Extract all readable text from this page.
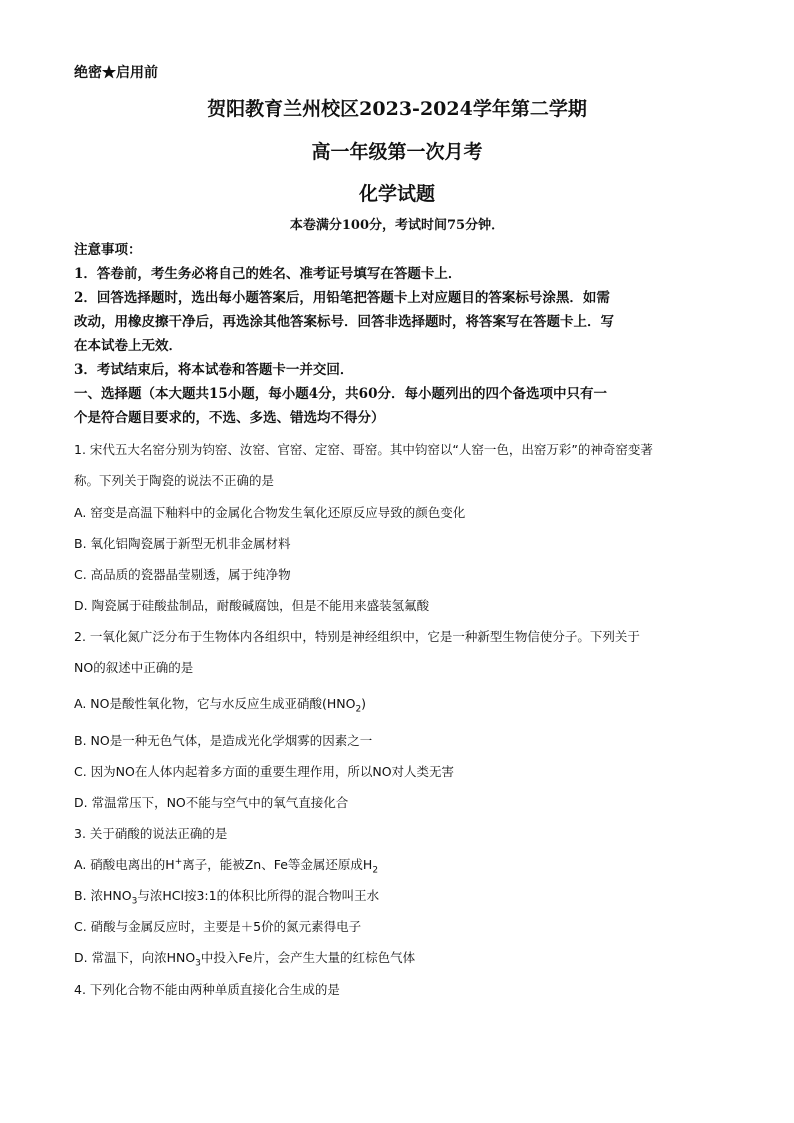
绝密★启用前
贺阳教育兰州校区2023-2024学年第二学期
高一年级第一次月考
化学试题
本卷满分100分，考试时间75分钟．

注意事项：

1．答卷前，考生务必将自己的姓名、准考证号填写在答题卡上．

2．回答选择题时，选出每小题答案后，用铅笔把答题卡上对应题目的答案标号涂黑．如需

改动，用橡皮擦干净后，再选涂其他答案标号．回答非选择题时，将答案写在答题卡上．写

在本试卷上无效．

3．考试结束后，将本试卷和答题卡一并交回．

一、选择题（本大题共15小题，每小题4分，共60分．每小题列出的四个备选项中只有一

个是符合题目要求的，不选、多选、错选均不得分）

1. 宋代五大名窑分别为钧窑、汝窑、官窑、定窑、哥窑。其中钧窑以“人窑一色，出窑万彩”的神奇窑变著
称。下列关于陶瓷的说法不正确的是
A. 窑变是高温下釉料中的金属化合物发生氧化还原反应导致的颜色变化
B. 氧化铝陶瓷属于新型无机非金属材料
C. 高品质的瓷器晶莹剔透，属于纯净物
D. 陶瓷属于硅酸盐制品，耐酸碱腐蚀，但是不能用来盛装氢氟酸
2. 一氧化氮广泛分布于生物体内各组织中，特别是神经组织中，它是一种新型生物信使分子。下列关于
NO的叙述中正确的是
A. NO是酸性氧化物，它与水反应生成亚硝酸$(HNO_2)$
B. NO是一种无色气体，是造成光化学烟雾的因素之一
C. 因为NO在人体内起着多方面的重要生理作用，所以NO对人类无害
D. 常温常压下，NO不能与空气中的氧气直接化合
3. 关于硝酸的说法正确的是
A. 硝酸电离出的H+离子，能被Zn、Fe等金属还原成$H_2$
B. 浓$HNO_3$与浓HCl按3:1的体积比所得的混合物叫王水
C. 硝酸与金属反应时，主要是＋5价的氮元素得电子
D. 常温下，向浓$HNO_3$中投入Fe片，会产生大量的红棕色气体
4. 下列化合物不能由两种单质直接化合生成的是
